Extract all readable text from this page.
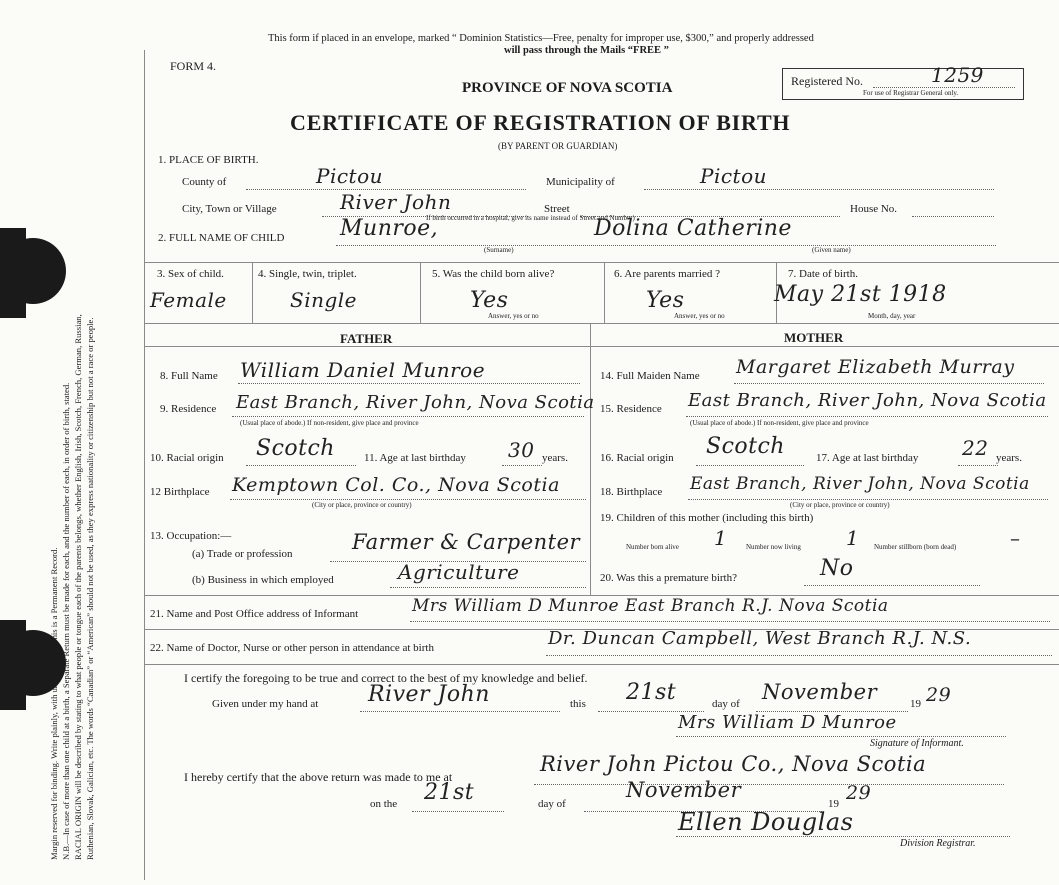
Margin reserved for binding. Write plainly, with unfading ink. This is a Permanent Record. N.B.—In case of more than one child at a birth, a Separate Return must be made for each, and the number of each, in order of birth, stated. RACIAL ORIGIN will be described by stating to what people or tongue each of the parents belongs, whether English, Irish, Scotch, French, German, Russian, Ruthenian, Slovak, Galician, etc. The words “Canadian” or “American” should not be used, as they express nationality or citizenship but not a race or people.

This form if placed in an envelope, marked “ Dominion Statistics—Free, penalty for improper use, $300,” and properly addressed
will pass through the Mails “FREE ”
FORM 4.
PROVINCE OF NOVA SCOTIA	Registered No.	1259
For use of Registrar General only.
CERTIFICATE OF REGISTRATION OF BIRTH
(BY PARENT OR GUARDIAN)
1. PLACE OF BIRTH.
County of	Pictou	Municipality of	Pictou
City, Town or Village	River John	Street	House No.
If birth occurred in a hospital, give its name instead of Street and Number)
2. FULL NAME OF CHILD	Munroe,
(Surname)
Dolina Catherine
(Given name)
3. Sex of child.
Female
4. Single, twin, triplet.
Single
5. Was the child born alive?
Yes
Answer, yes or no
6. Are parents married ?
Yes
Answer, yes or no
7. Date of birth.
May 21st 1918
Month, day, year
FATHER	MOTHER
8. Full Name William Daniel Munroe
9. Residence East Branch, River John, Nova Scotia
(Usual place of abode.) If non-resident, give place and province
10. Racial origin Scotch	11. Age at last birthday 30 years.
12 Birthplace Kemptown Col. Co., Nova Scotia
(City or place, province or country)
13. Occupation:—
(a) Trade or profession	Farmer & Carpenter
(b) Business in which employed	Agriculture
14. Full Maiden Name Margaret Elizabeth Murray
15. Residence East Branch, River John, Nova Scotia
(Usual place of abode.) If non-resident, give place and province
16. Racial origin Scotch	17. Age at last birthday 22 years.
18. Birthplace East Branch, River John, Nova Scotia
(City or place, province or country)
19. Children of this mother (including this birth)
Number born alive 1	Number now living 1 Number stillborn (born dead)	–
20. Was this a premature birth?	No
21. Name and Post Office address of Informant	Mrs William D Munroe East Branch R.J. Nova Scotia
22. Name of Doctor, Nurse or other person in attendance at birth	Dr. Duncan Campbell, West Branch R.J. N.S.
I certify the foregoing to be true and correct to the best of my knowledge and belief.
Given under my hand at River John	this 21st	day of November	19 29
Mrs William D Munroe
Signature of Informant.
I hereby certify that the above return was made to me at
River John Pictou Co., Nova Scotia
on the 21st	day of
November
19 29
Ellen Douglas
Division Registrar.
